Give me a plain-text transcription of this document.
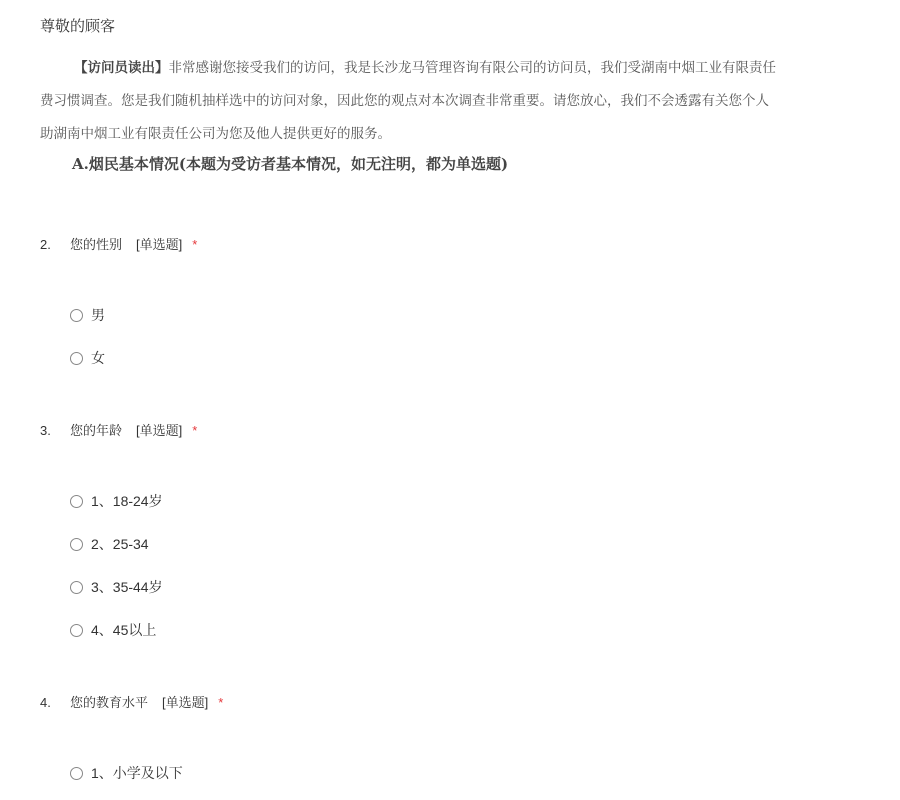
尊敬的顾客
【访问员读出】非常感谢您接受我们的访问，我是长沙龙马管理咨询有限公司的访问员，我们受湖南中烟工业有限责任
费习惯调查。您是我们随机抽样选中的访问对象，因此您的观点对本次调查非常重要。请您放心，我们不会透露有关您个人
助湖南中烟工业有限责任公司为您及他人提供更好的服务。
A.烟民基本情况(本题为受访者基本情况，如无注明，都为单选题)
2. 您的性别 [单选题] *
男
女
3. 您的年龄 [单选题] *
1、18-24岁
2、25-34
3、35-44岁
4、45以上
4. 您的教育水平 [单选题] *
1、小学及以下
